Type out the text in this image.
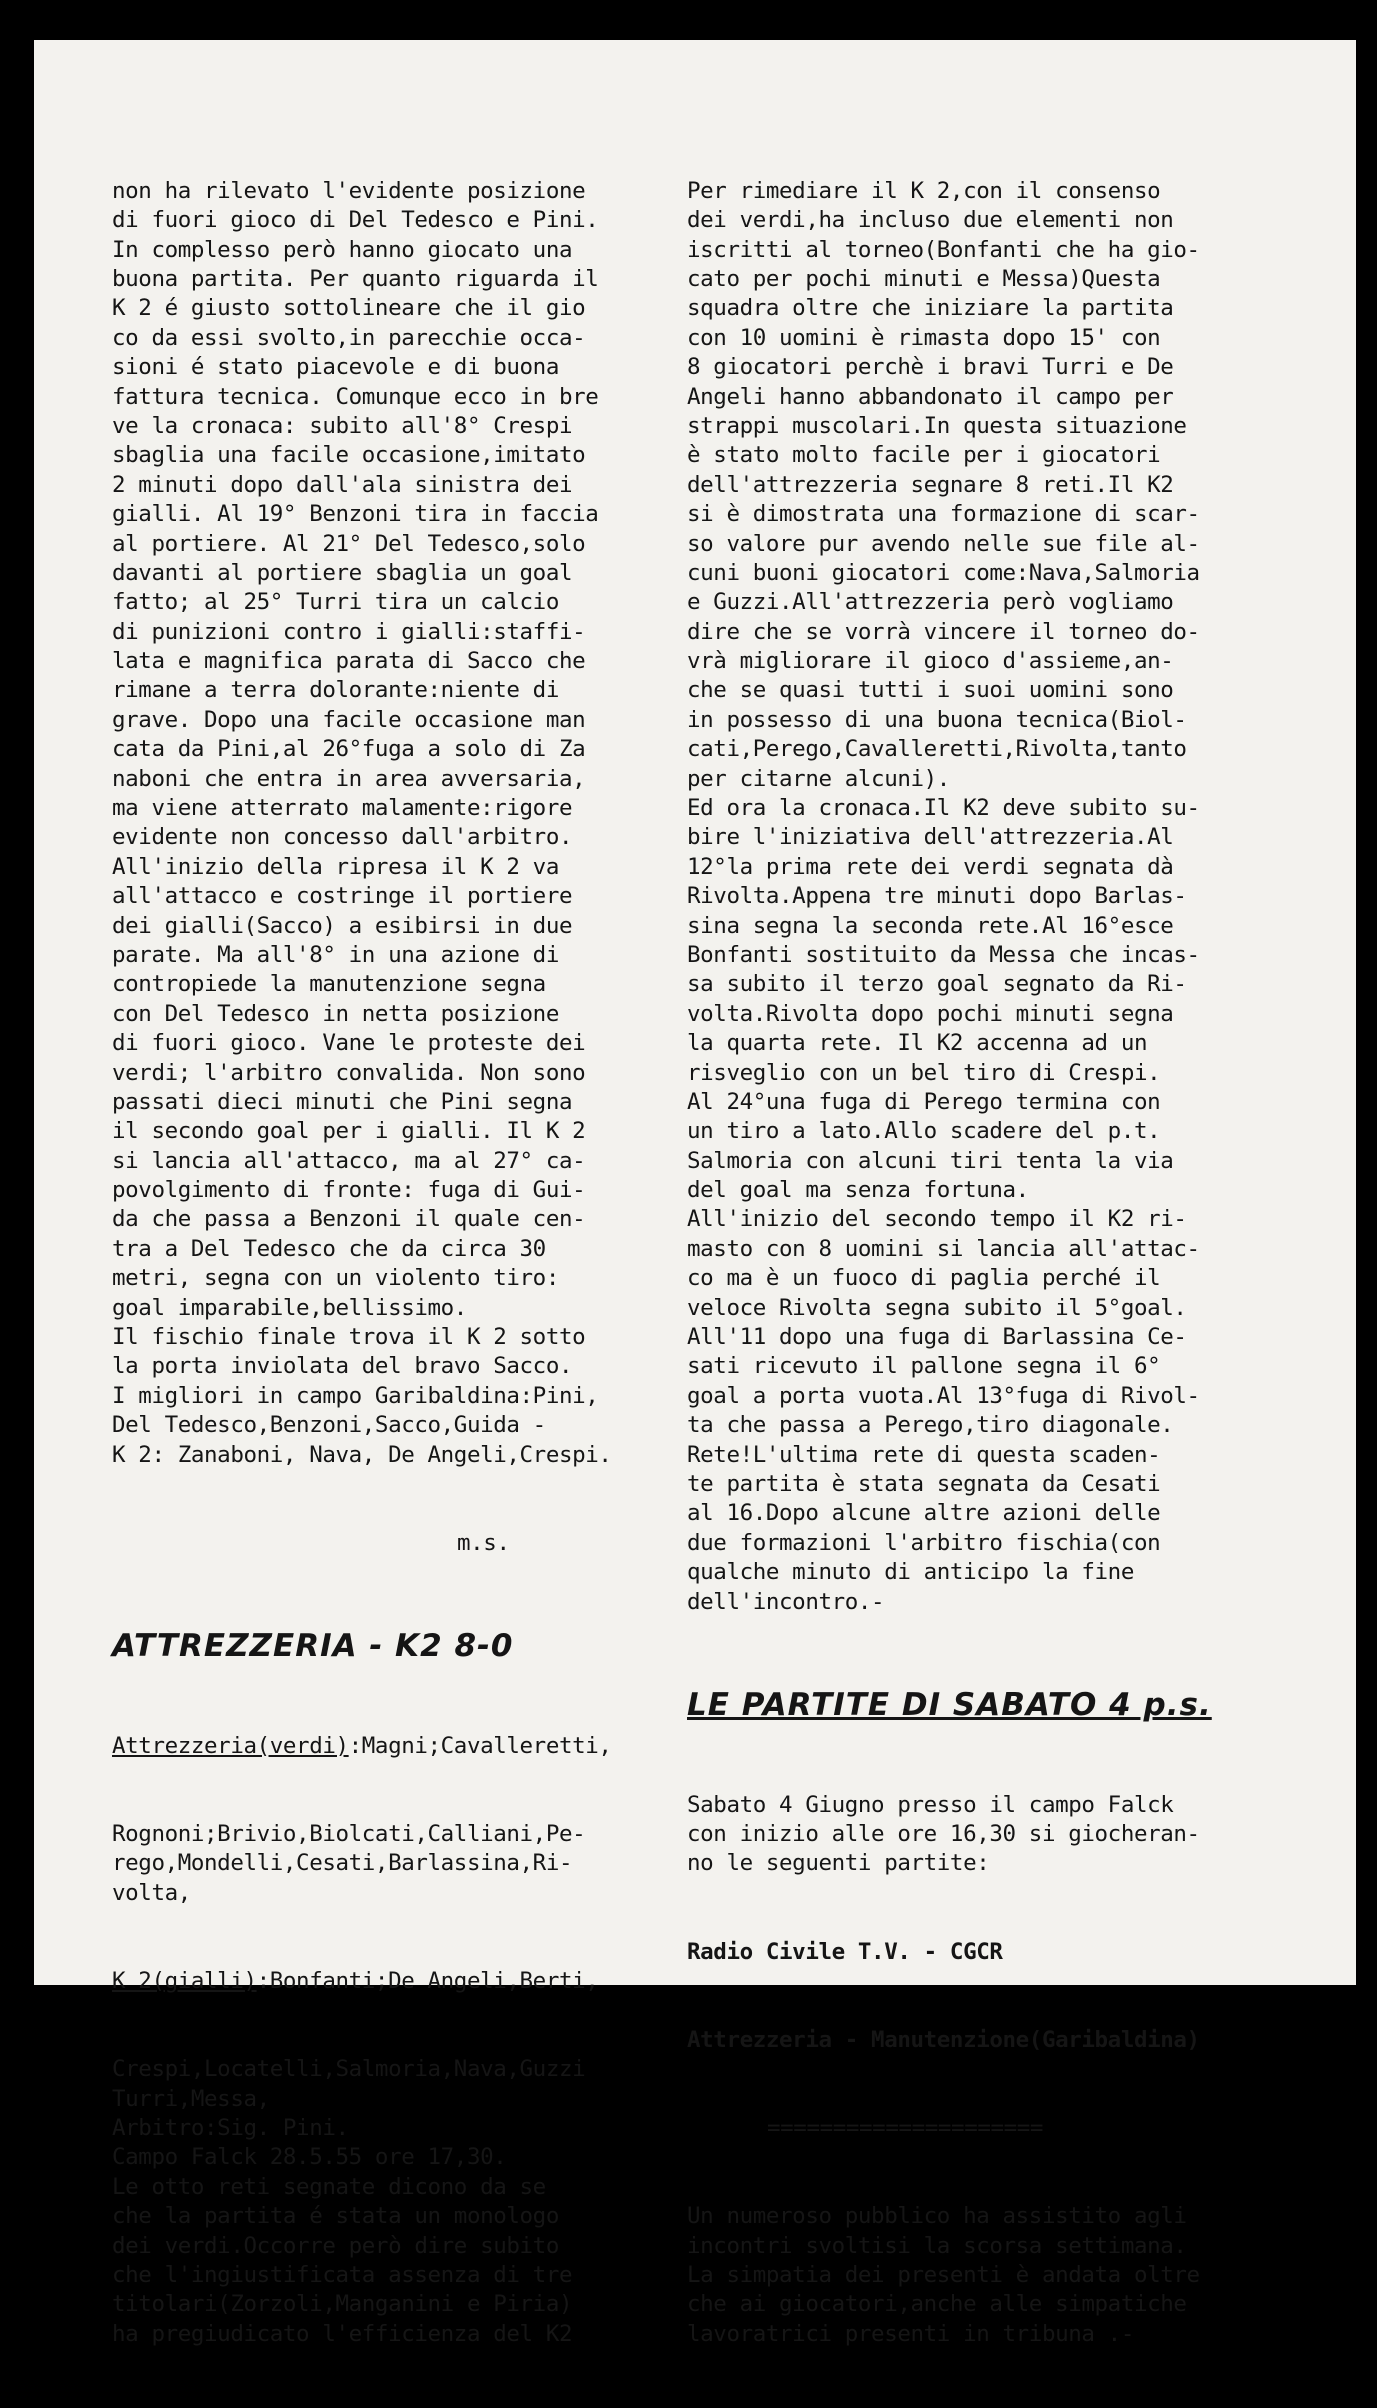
non ha rilevato l'evidente posizione
di fuori gioco di Del Tedesco e Pini.
In complesso però hanno giocato una
buona partita. Per quanto riguarda il
K 2 é giusto sottolineare che il gio
co da essi svolto,in parecchie occa-
sioni é stato piacevole e di buona
fattura tecnica. Comunque ecco in bre
ve la cronaca: subito all'8° Crespi
sbaglia una facile occasione,imitato
2 minuti dopo dall'ala sinistra dei
gialli. Al 19° Benzoni tira in faccia
al portiere. Al 21° Del Tedesco,solo
davanti al portiere sbaglia un goal
fatto; al 25° Turri tira un calcio
di punizioni contro i gialli:staffi-
lata e magnifica parata di Sacco che
rimane a terra dolorante:niente di
grave. Dopo una facile occasione man
cata da Pini,al 26°fuga a solo di Za
naboni che entra in area avversaria,
ma viene atterrato malamente:rigore
evidente non concesso dall'arbitro.
All'inizio della ripresa il K 2 va
all'attacco e costringe il portiere
dei gialli(Sacco) a esibirsi in due
parate. Ma all'8° in una azione di
contropiede la manutenzione segna
con Del Tedesco in netta posizione
di fuori gioco. Vane le proteste dei
verdi; l'arbitro convalida. Non sono
passati dieci minuti che Pini segna
il secondo goal per i gialli. Il K 2
si lancia all'attacco, ma al 27° ca-
povolgimento di fronte: fuga di Gui-
da che passa a Benzoni il quale cen-
tra a Del Tedesco che da circa 30
metri, segna con un violento tiro:
goal imparabile,bellissimo.
Il fischio finale trova il K 2 sotto
la porta inviolata del bravo Sacco.
I migliori in campo Garibaldina:Pini,
Del Tedesco,Benzoni,Sacco,Guida -
K 2: Zanaboni, Nava, De Angeli,Crespi.

m.s.

ATTREZZERIA - K2 8-0

Attrezzeria(verdi):Magni;Cavalleretti,

Rognoni;Brivio,Biolcati,Calliani,Pe-
rego,Mondelli,Cesati,Barlassina,Ri-
volta,

K 2(gialli):Bonfanti;De Angeli,Berti,

Crespi,Locatelli,Salmoria,Nava,Guzzi
Turri,Messa,
Arbitro:Sig. Pini.
Campo Falck 28.5.55 ore 17,30.
Le otto reti segnate dicono da se
che la partita é stata un monologo
dei verdi.Occorre però dire subito
che l'ingiustificata assenza di tre
titolari(Zorzoli,Manganini e Piria)
ha pregiudicato l'efficienza del K2

Per rimediare il K 2,con il consenso
dei verdi,ha incluso due elementi non
iscritti al torneo(Bonfanti che ha gio-
cato per pochi minuti e Messa)Questa
squadra oltre che iniziare la partita
con 10 uomini è rimasta dopo 15' con
8 giocatori perchè i bravi Turri e De
Angeli hanno abbandonato il campo per
strappi muscolari.In questa situazione
è stato molto facile per i giocatori
dell'attrezzeria segnare 8 reti.Il K2
si è dimostrata una formazione di scar-
so valore pur avendo nelle sue file al-
cuni buoni giocatori come:Nava,Salmoria
e Guzzi.All'attrezzeria però vogliamo
dire che se vorrà vincere il torneo do-
vrà migliorare il gioco d'assieme,an-
che se quasi tutti i suoi uomini sono
in possesso di una buona tecnica(Biol-
cati,Perego,Cavalleretti,Rivolta,tanto
per citarne alcuni).
Ed ora la cronaca.Il K2 deve subito su-
bire l'iniziativa dell'attrezzeria.Al
12°la prima rete dei verdi segnata dà
Rivolta.Appena tre minuti dopo Barlas-
sina segna la seconda rete.Al 16°esce
Bonfanti sostituito da Messa che incas-
sa subito il terzo goal segnato da Ri-
volta.Rivolta dopo pochi minuti segna
la quarta rete. Il K2 accenna ad un
risveglio con un bel tiro di Crespi.
Al 24°una fuga di Perego termina con
un tiro a lato.Allo scadere del p.t.
Salmoria con alcuni tiri tenta la via
del goal ma senza fortuna.
All'inizio del secondo tempo il K2 ri-
masto con 8 uomini si lancia all'attac-
co ma è un fuoco di paglia perché il
veloce Rivolta segna subito il 5°goal.
All'11 dopo una fuga di Barlassina Ce-
sati ricevuto il pallone segna il 6°
goal a porta vuota.Al 13°fuga di Rivol-
ta che passa a Perego,tiro diagonale.
Rete!L'ultima rete di questa scaden-
te partita è stata segnata da Cesati
al 16.Dopo alcune altre azioni delle
due formazioni l'arbitro fischia(con
qualche minuto di anticipo la fine
dell'incontro.-

LE PARTITE DI SABATO 4 p.s.

Sabato 4 Giugno presso il campo Falck
con inizio alle ore 16,30 si giocheran-
no le seguenti partite:

Radio Civile T.V. - CGCR

Attrezzeria - Manutenzione(Garibaldina)

=====================

Un numeroso pubblico ha assistito agli
incontri svoltisi la scorsa settimana.
La simpatia dei presenti è andata oltre
che ai giocatori,anche alle simpatiche
lavoratrici presenti in tribuna .-
